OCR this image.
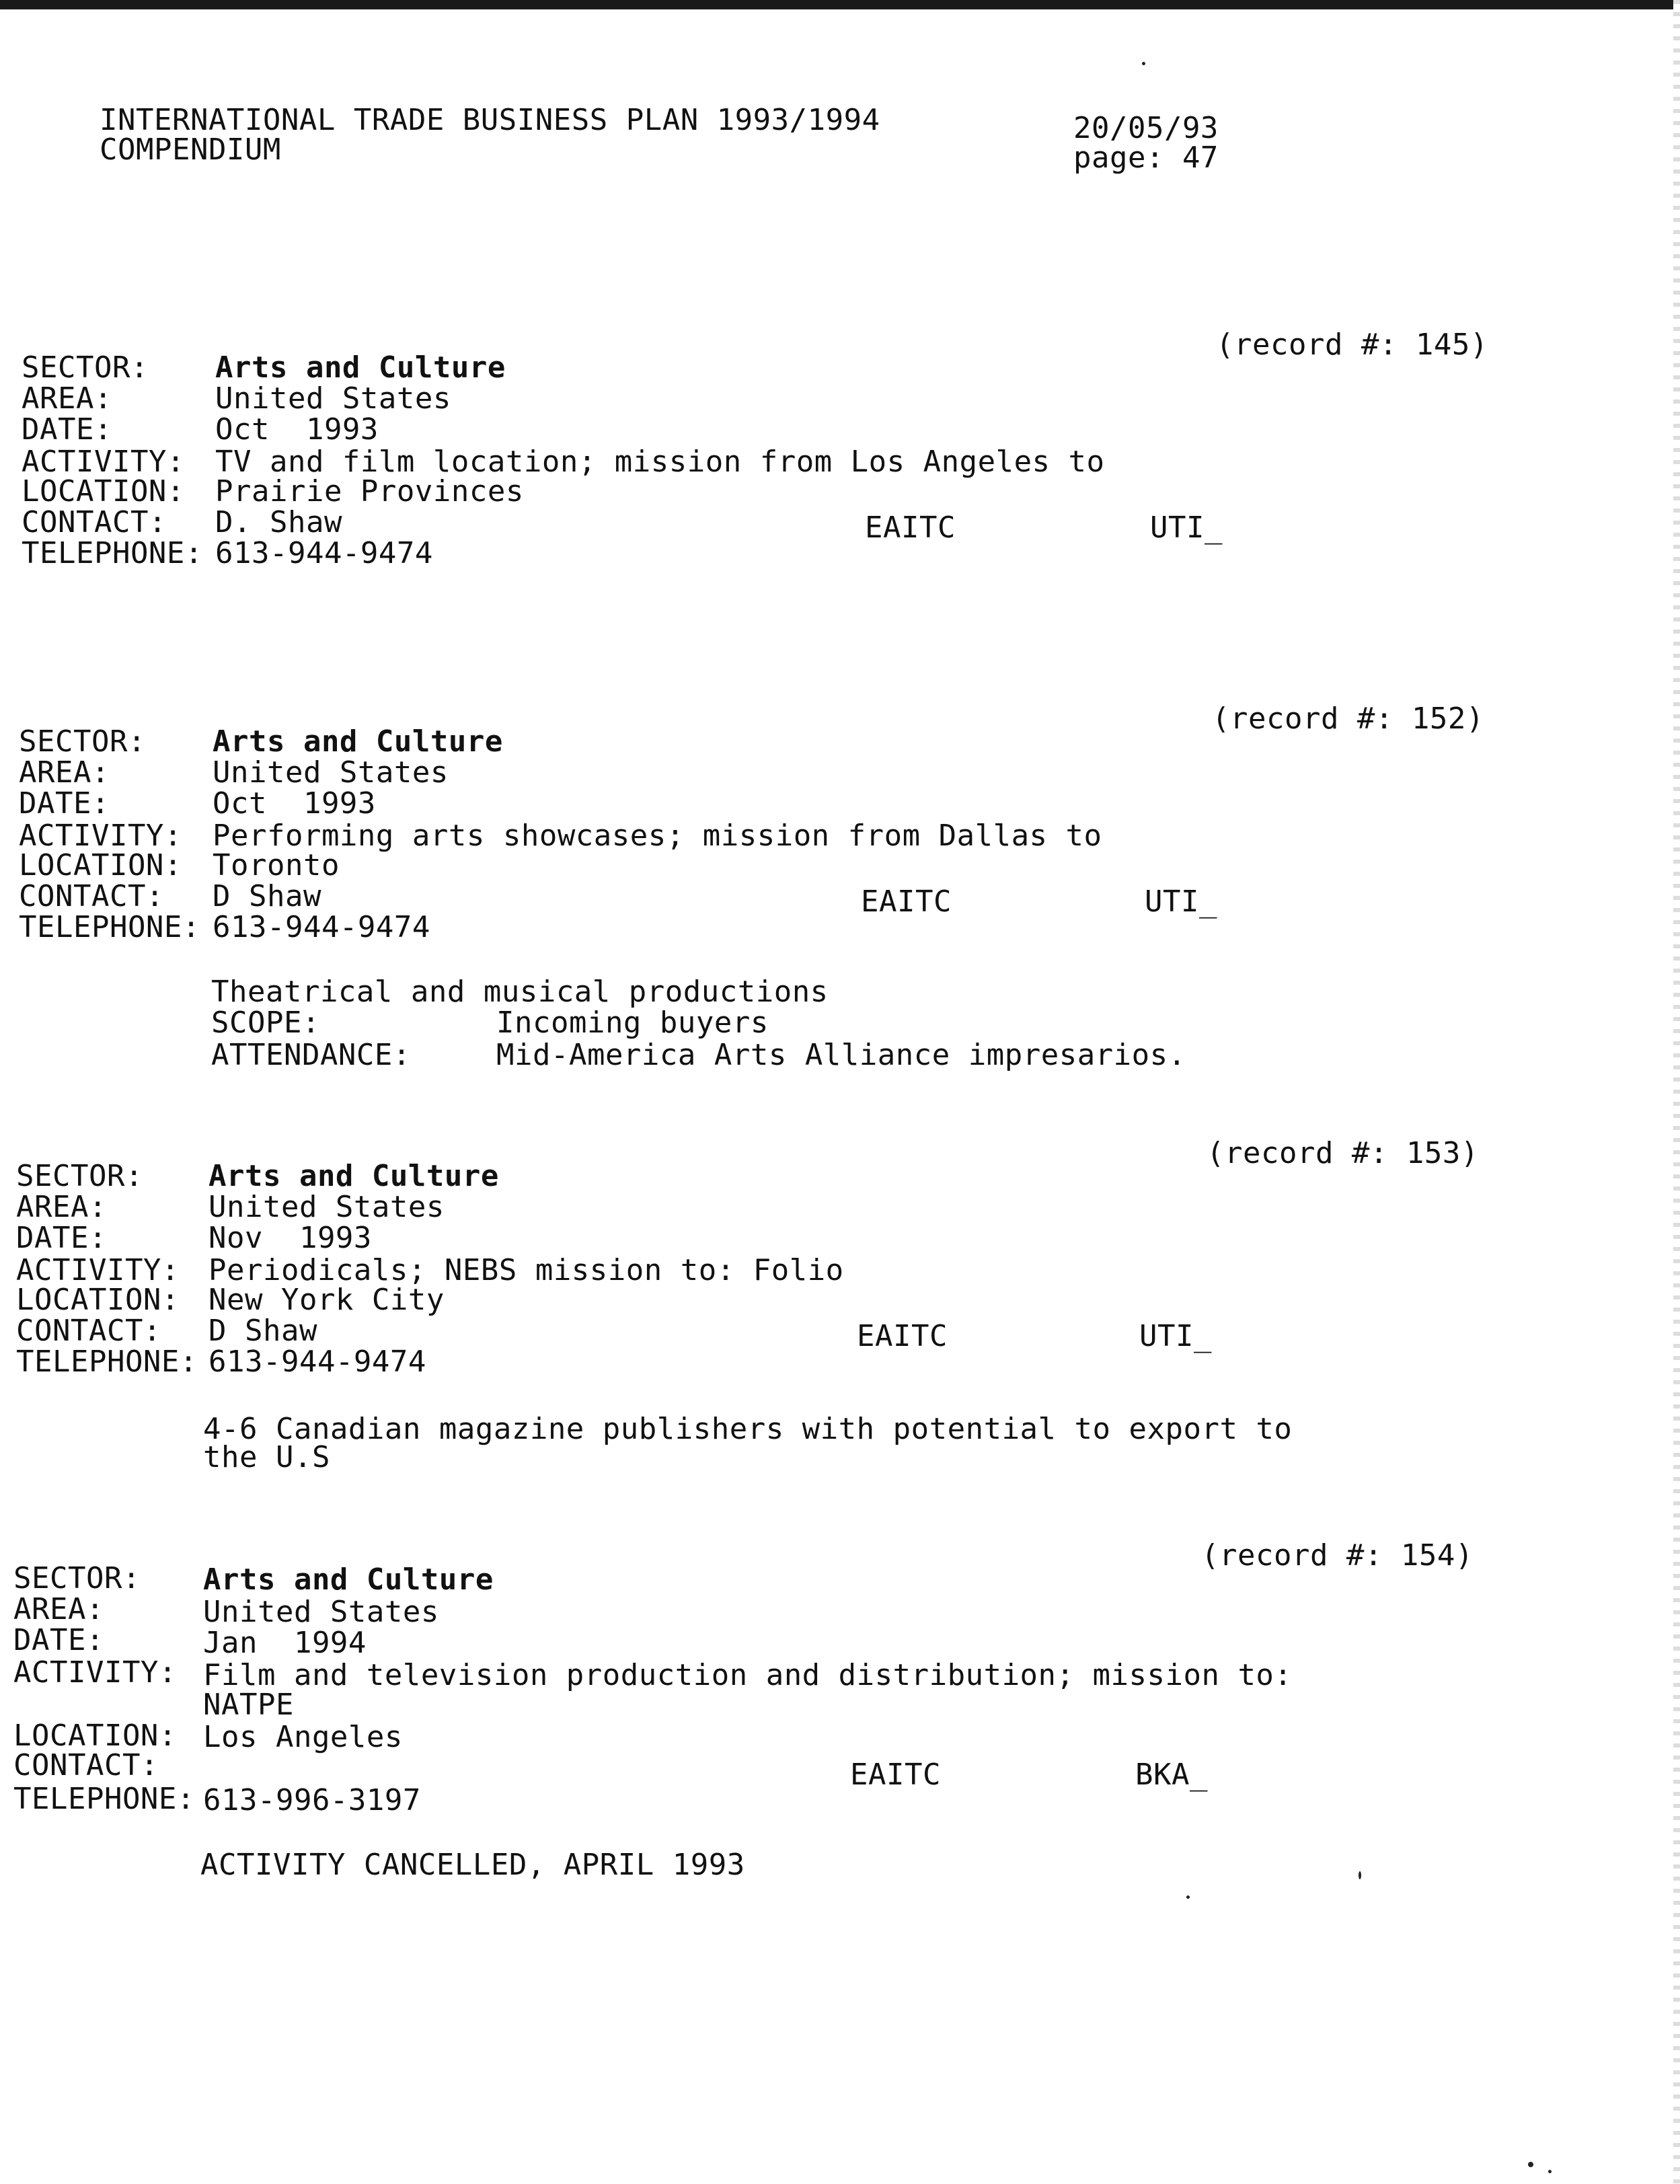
INTERNATIONAL TRADE BUSINESS PLAN 1993/1994
COMPENDIUM
20/05/93
page: 47
(record #: 145)
SECTOR: Arts and Culture
AREA:	United States
DATE:	Oct  1993
ACTIVITY: TV and film location; mission from Los Angeles to
LOCATION: Prairie Provinces
CONTACT: D. Shaw	EAITC	UTI_
TELEPHONE: 613-944-9474
(record #: 152)
SECTOR: Arts and Culture
AREA:	United States
DATE:	Oct  1993
ACTIVITY: Performing arts showcases; mission from Dallas to
LOCATION: Toronto
CONTACT: D Shaw	EAITC	UTI_
TELEPHONE: 613-944-9474
Theatrical and musical productions
SCOPE:	Incoming buyers
ATTENDANCE:	Mid-America Arts Alliance impresarios.
(record #: 153)
SECTOR: Arts and Culture
AREA:	United States
DATE:	Nov  1993
ACTIVITY: Periodicals; NEBS mission to: Folio
LOCATION: New York City
CONTACT: D Shaw	EAITC	UTI_
TELEPHONE: 613-944-9474
4-6 Canadian magazine publishers with potential to export to
the U.S
(record #: 154)
SECTOR: Arts and Culture
AREA:	United States
DATE:	Jan  1994
ACTIVITY: Film and television production and distribution; mission to:
NATPE
LOCATION: Los Angeles
CONTACT:	EAITC	BKA_
TELEPHONE: 613-996-3197
ACTIVITY CANCELLED, APRIL 1993
